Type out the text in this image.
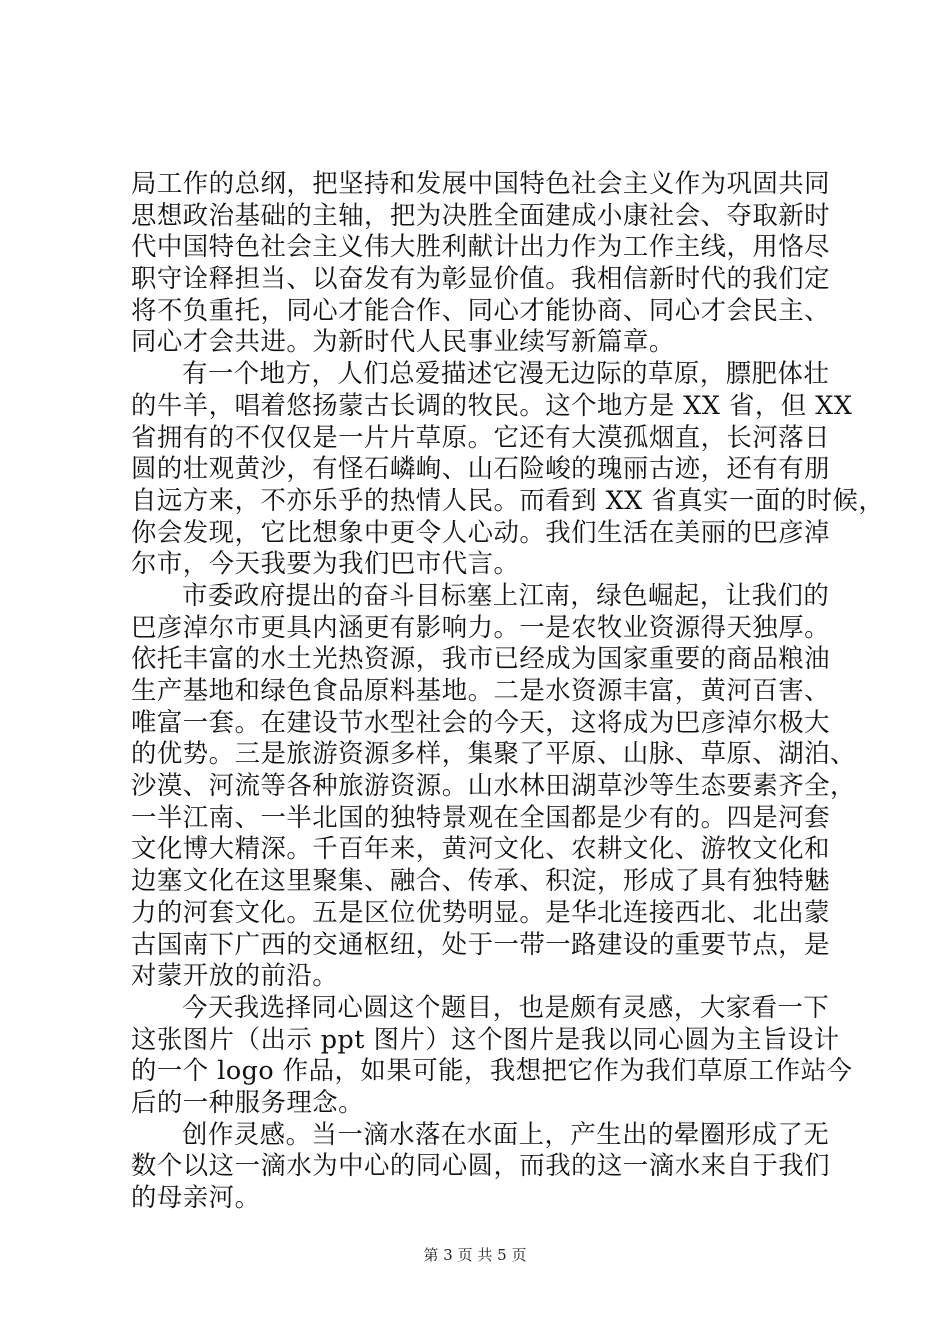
局工作的总纲，把坚持和发展中国特色社会主义作为巩固共同
思想政治基础的主轴，把为决胜全面建成小康社会、夺取新时
代中国特色社会主义伟大胜利献计出力作为工作主线，用恪尽
职守诠释担当、以奋发有为彰显价值。我相信新时代的我们定
将不负重托，同心才能合作、同心才能协商、同心才会民主、
同心才会共进。为新时代人民事业续写新篇章。
有一个地方，人们总爱描述它漫无边际的草原，膘肥体壮
的牛羊，唱着悠扬蒙古长调的牧民。这个地方是 XX 省，但 XX
省拥有的不仅仅是一片片草原。它还有大漠孤烟直，长河落日
圆的壮观黄沙，有怪石嶙峋、山石险峻的瑰丽古迹，还有有朋
自远方来，不亦乐乎的热情人民。而看到 XX 省真实一面的时候，
你会发现，它比想象中更令人心动。我们生活在美丽的巴彦淖
尔市，今天我要为我们巴市代言。
市委政府提出的奋斗目标塞上江南，绿色崛起，让我们的
巴彦淖尔市更具内涵更有影响力。一是农牧业资源得天独厚。
依托丰富的水土光热资源，我市已经成为国家重要的商品粮油
生产基地和绿色食品原料基地。二是水资源丰富，黄河百害、
唯富一套。在建设节水型社会的今天，这将成为巴彦淖尔极大
的优势。三是旅游资源多样，集聚了平原、山脉、草原、湖泊、
沙漠、河流等各种旅游资源。山水林田湖草沙等生态要素齐全，
一半江南、一半北国的独特景观在全国都是少有的。四是河套
文化博大精深。千百年来，黄河文化、农耕文化、游牧文化和
边塞文化在这里聚集、融合、传承、积淀，形成了具有独特魅
力的河套文化。五是区位优势明显。是华北连接西北、北出蒙
古国南下广西的交通枢纽，处于一带一路建设的重要节点，是
对蒙开放的前沿。
今天我选择同心圆这个题目，也是颇有灵感，大家看一下
这张图片（出示 ppt 图片）这个图片是我以同心圆为主旨设计
的一个 logo 作品，如果可能，我想把它作为我们草原工作站今
后的一种服务理念。
创作灵感。当一滴水落在水面上，产生出的晕圈形成了无
数个以这一滴水为中心的同心圆，而我的这一滴水来自于我们
的母亲河。
第 3 页 共 5 页
